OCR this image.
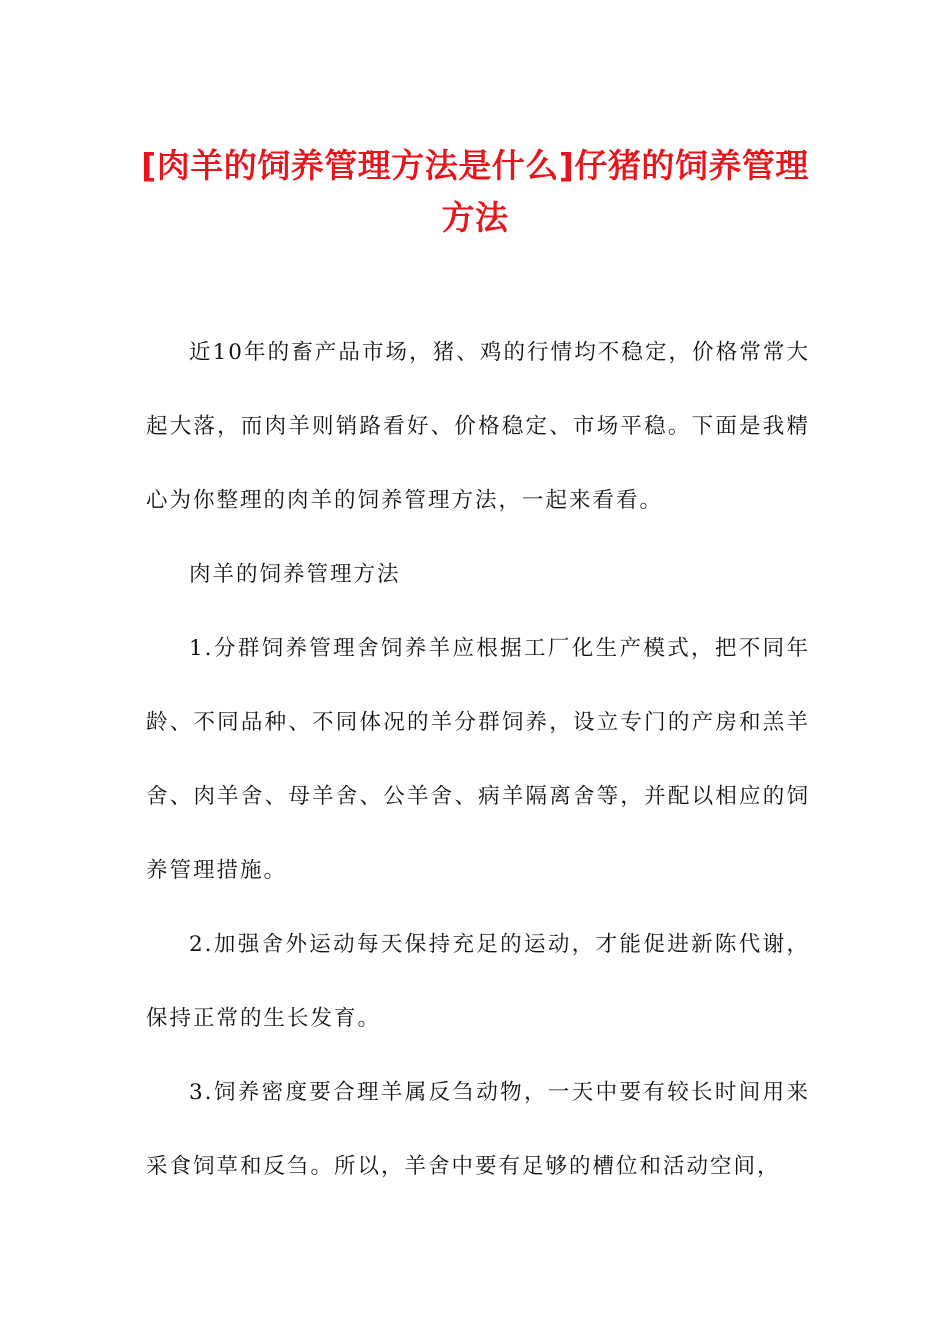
[肉羊的饲养管理方法是什么]仔猪的饲养管理方法

近10年的畜产品市场，猪、鸡的行情均不稳定，价格常常大起大落，而肉羊则销路看好、价格稳定、市场平稳。下面是我精心为你整理的肉羊的饲养管理方法，一起来看看。

肉羊的饲养管理方法

1.分群饲养管理舍饲养羊应根据工厂化生产模式，把不同年龄、不同品种、不同体况的羊分群饲养，设立专门的产房和羔羊舍、肉羊舍、母羊舍、公羊舍、病羊隔离舍等，并配以相应的饲养管理措施。

2.加强舍外运动每天保持充足的运动，才能促进新陈代谢，保持正常的生长发育。

3.饲养密度要合理羊属反刍动物，一天中要有较长时间用来采食饲草和反刍。所以，羊舍中要有足够的槽位和活动空间，
